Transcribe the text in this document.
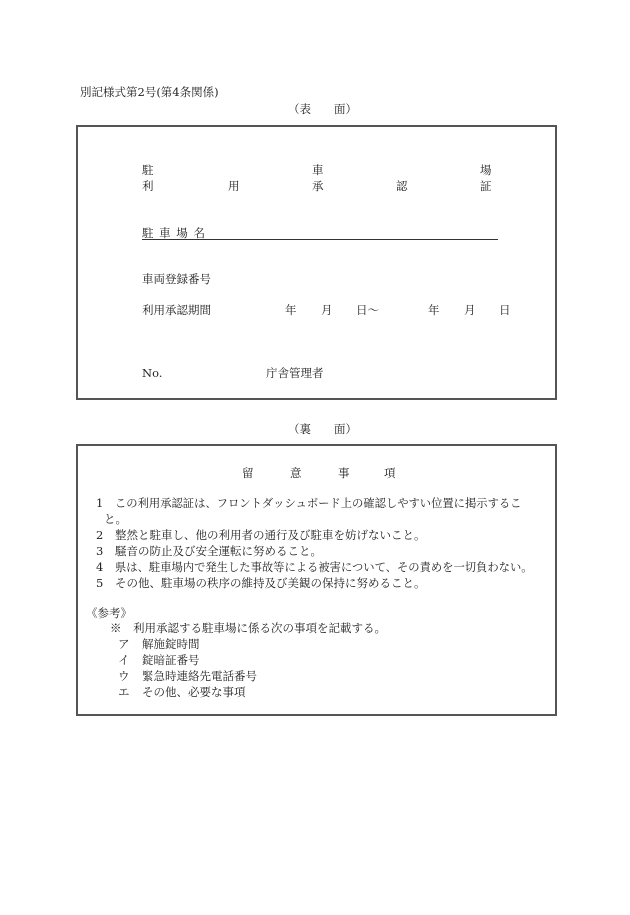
別記様式第2号(第4条関係)
（表　　面）
駐	車	場
利	用	承	認	証
駐 車 場 名
車両登録番号
利用承認期間	年 月 日〜	年 月 日
No.	庁舎管理者
（裏　　面）
留	意	事	項
1 この利用承認証は、フロントダッシュボード上の確認しやすい位置に掲示するこ
と。
2 整然と駐車し、他の利用者の通行及び駐車を妨げないこと。
3 騒音の防止及び安全運転に努めること。
4 県は、駐車場内で発生した事故等による被害について、その責めを一切負わない。
5 その他、駐車場の秩序の維持及び美観の保持に努めること。
《参考》
※　利用承認する駐車場に係る次の事項を記載する。
ア 解施錠時間
イ 錠暗証番号
ウ 緊急時連絡先電話番号
エ その他、必要な事項
